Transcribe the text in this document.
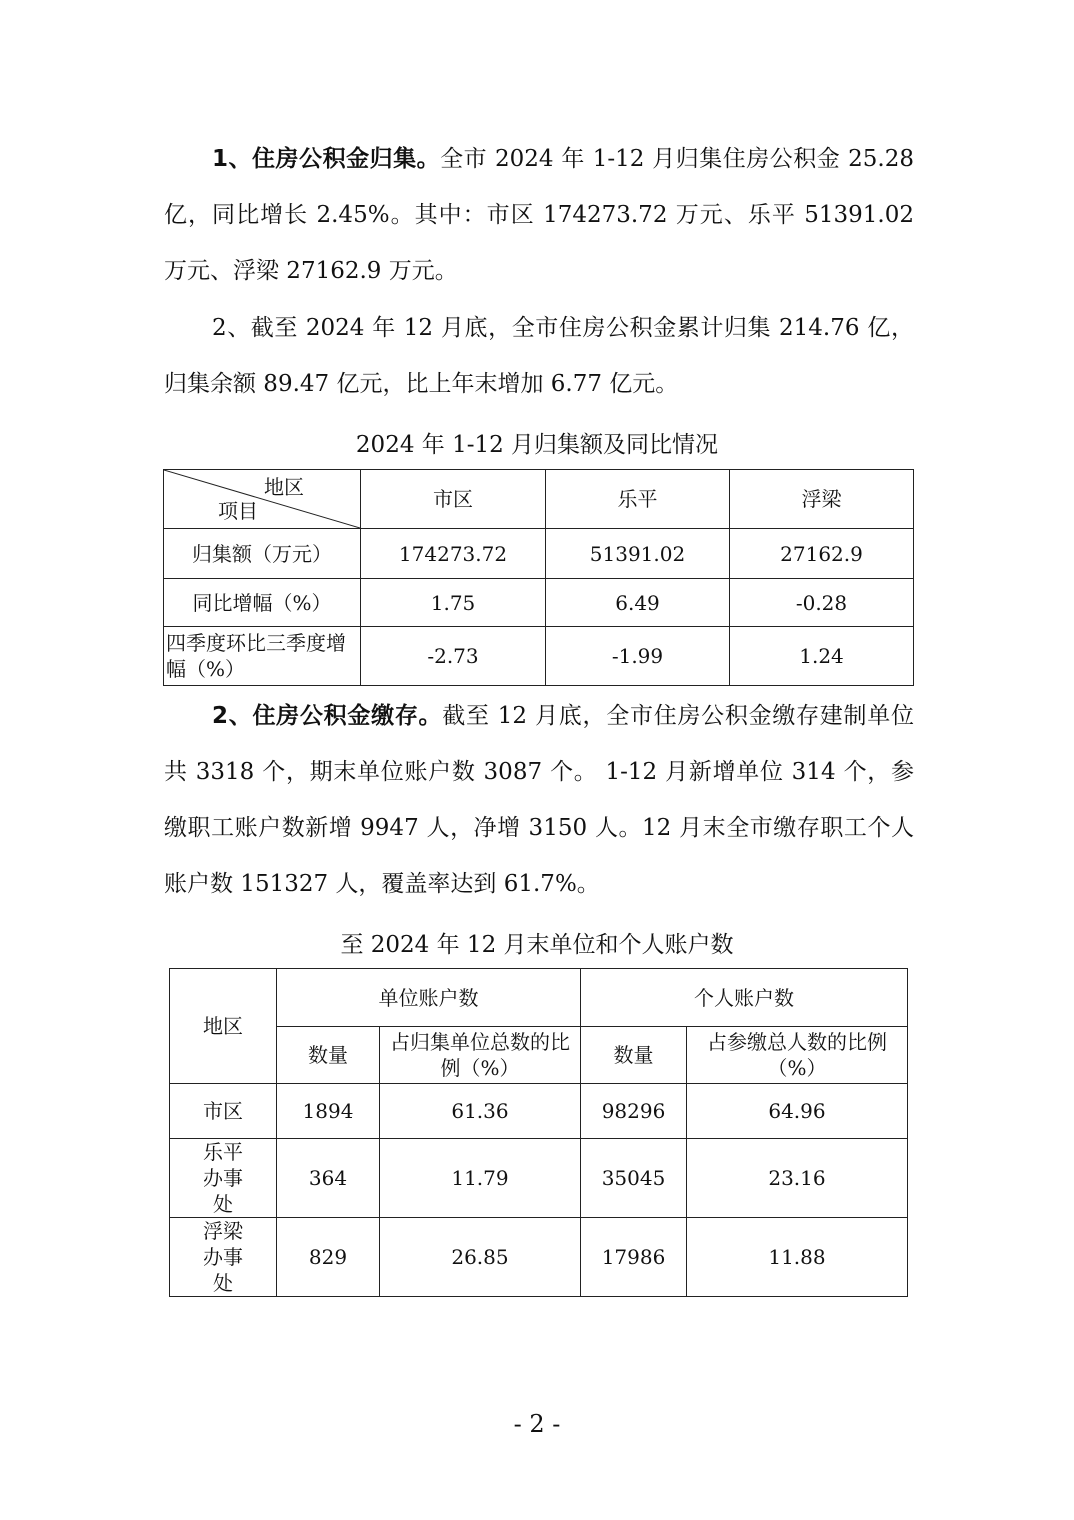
1、住房公积金归集。全市 2024 年 1-12 月归集住房公积金 25.28 亿，同比增长 2.45%。其中：市区 174273.72 万元、乐平 51391.02 万元、浮梁 27162.9 万元。

2、截至 2024 年 12 月底，全市住房公积金累计归集 214.76 亿，归集余额 89.47 亿元，比上年末增加 6.77 亿元。

2024 年 1-12 月归集额及同比情况

地区
项目	市区	乐平	浮梁
归集额（万元）	174273.72	51391.02	27162.9
同比增幅（%）	1.75	6.49	-0.28
四季度环比三季度增幅（%）	-2.73	-1.99	1.24

2、住房公积金缴存。截至 12 月底，全市住房公积金缴存建制单位共 3318 个，期末单位账户数 3087 个。 1-12 月新增单位 314 个，参缴职工账户数新增 9947 人，净增 3150 人。12 月末全市缴存职工个人账户数 151327 人，覆盖率达到 61.7%。

至 2024 年 12 月末单位和个人账户数

地区	单位账户数		个人账户数	
	数量	占归集单位总数的比例（%）	数量	占参缴总人数的比例（%）
市区	1894	61.36	98296	64.96
乐平办事处	364	11.79	35045	23.16
浮梁办事处	829	26.85	17986	11.88

- 2 -
